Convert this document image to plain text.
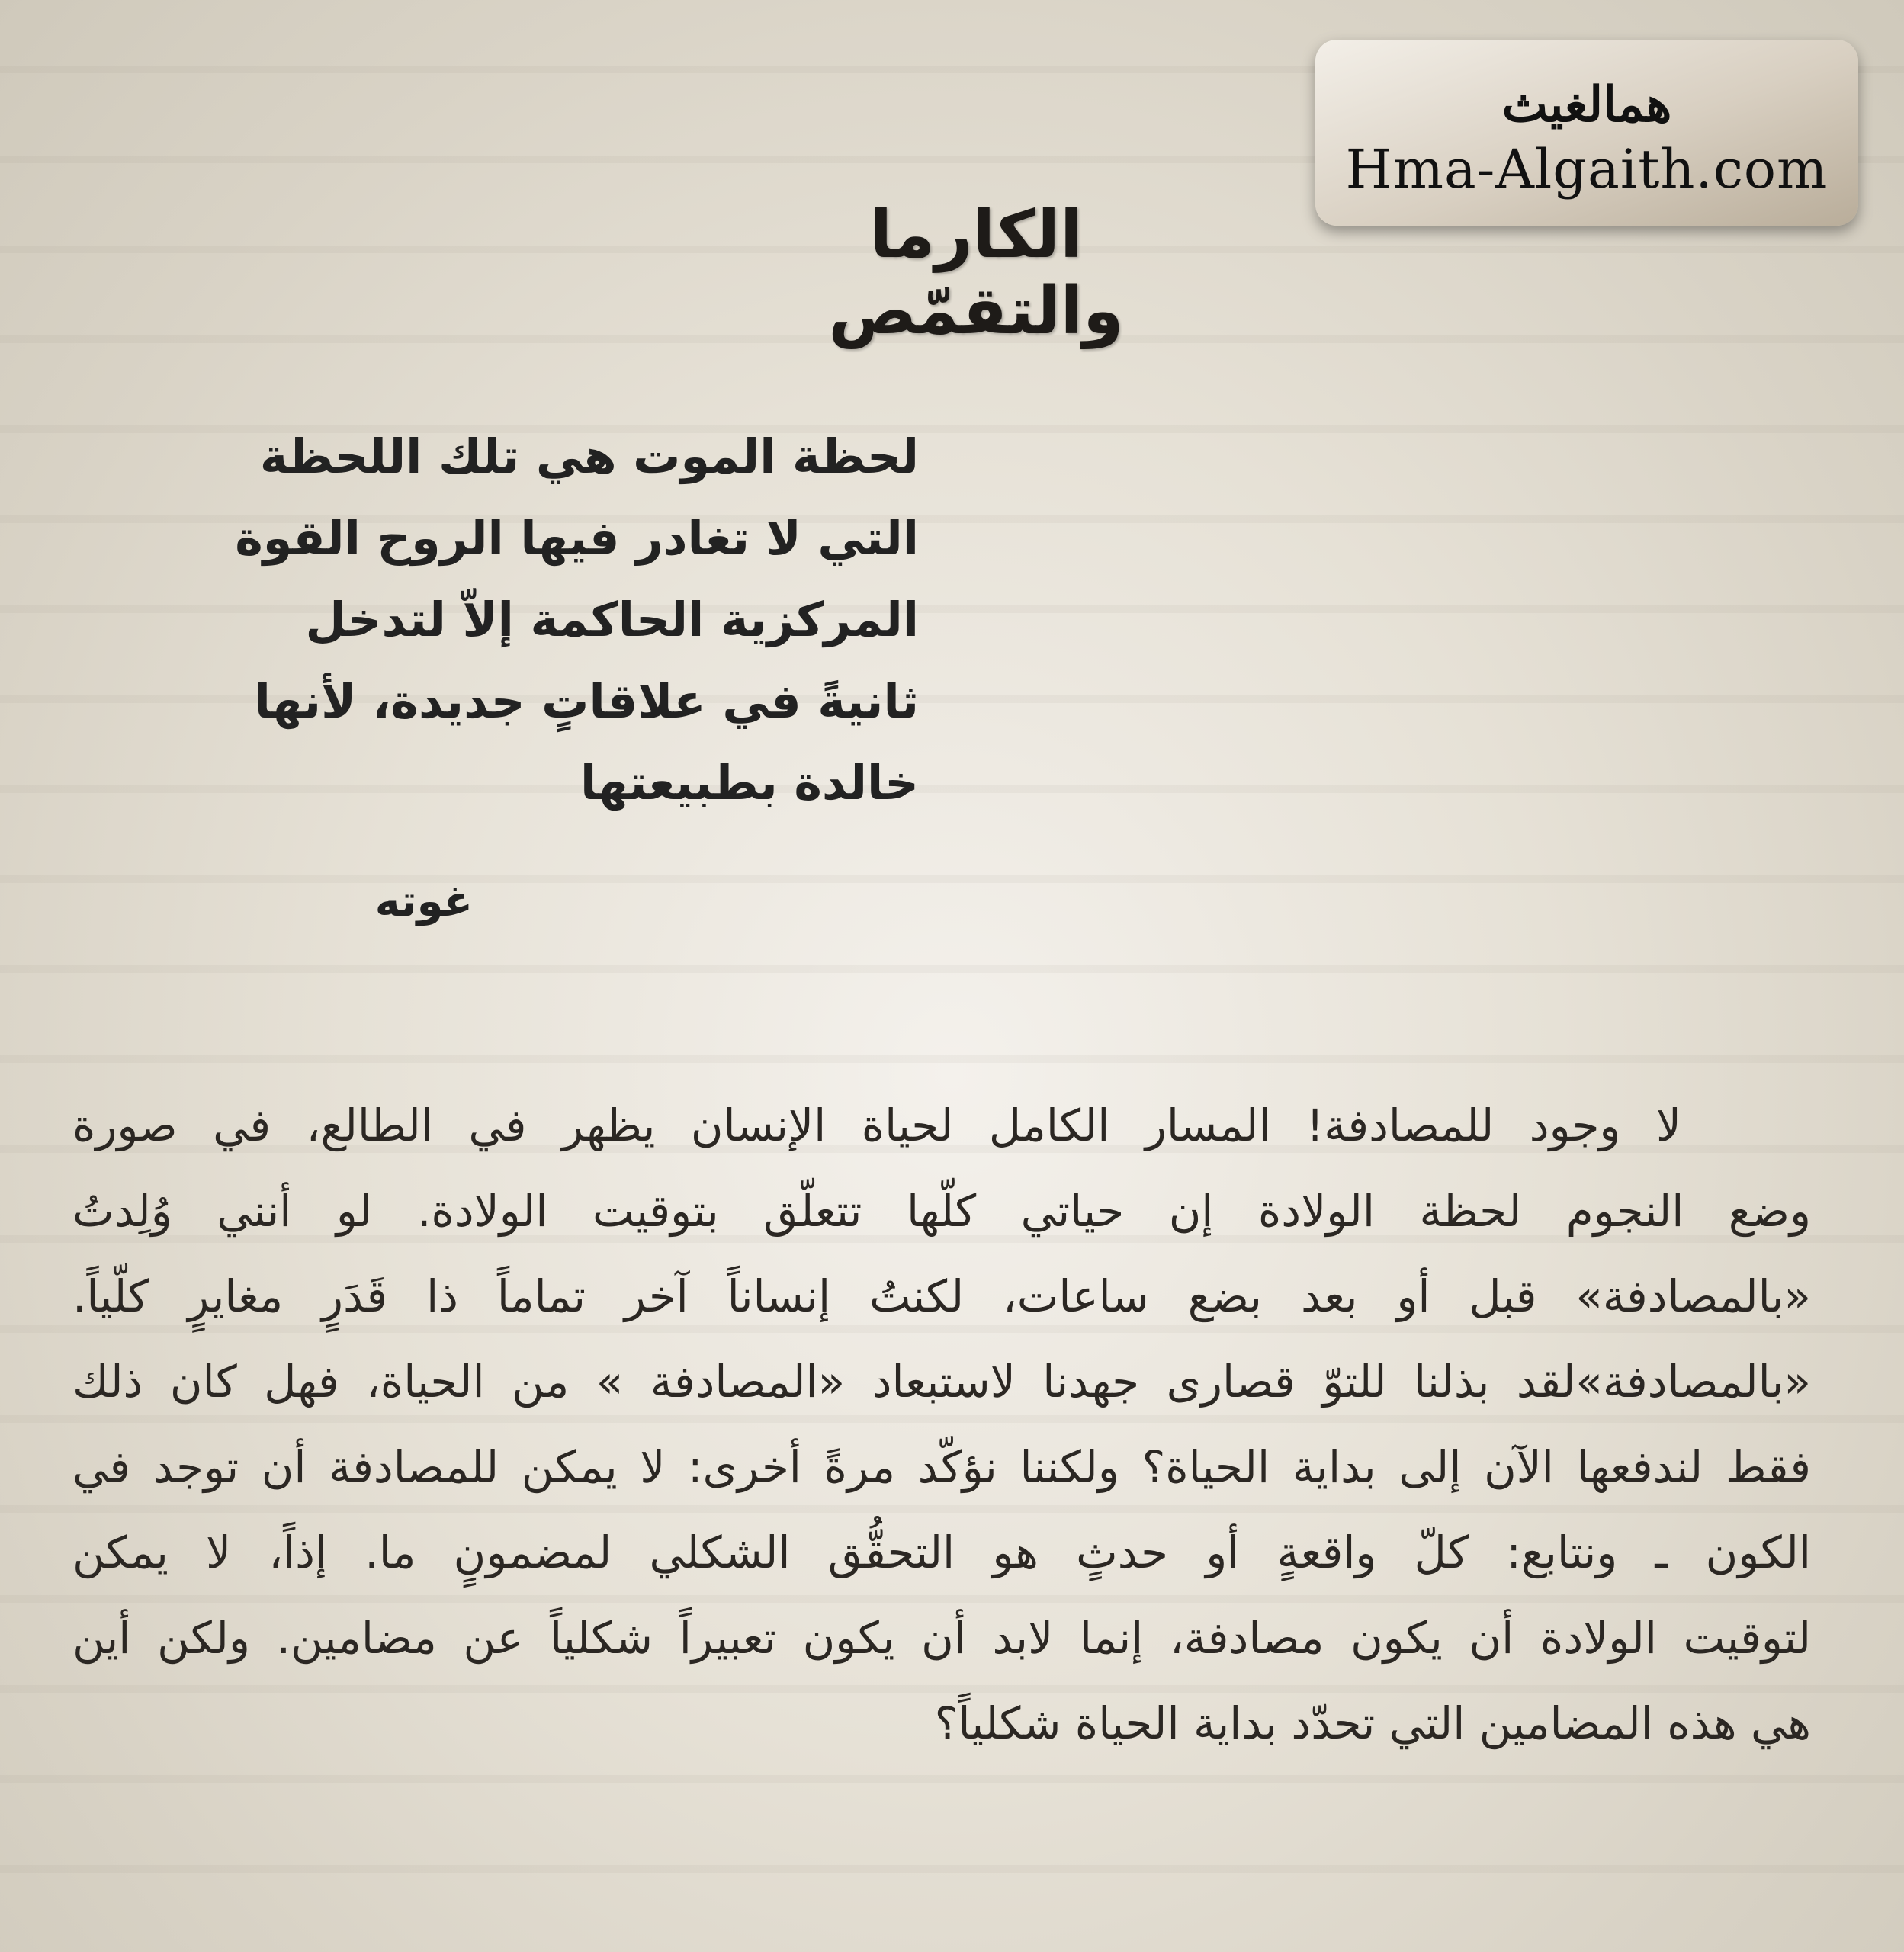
همالغيث
Hma-Algaith.com
الكارما والتقمّص
لحظة الموت هي تلك اللحظة
التي لا تغادر فيها الروح القوة
المركزية الحاكمة إلاّ لتدخل
ثانيةً في علاقاتٍ جديدة، لأنها
خالدة بطبيعتها
غوته
لا وجود للمصادفة! المسار الكامل لحياة الإنسان يظهر في الطالع، في صورة
وضع النجوم لحظة الولادة إن حياتي كلّها تتعلّق بتوقيت الولادة. لو أنني وُلِدتُ
«بالمصادفة» قبل أو بعد بضع ساعات، لكنتُ إنساناً آخر تماماً ذا قَدَرٍ مغايرٍ كلّياً.
«بالمصادفة»لقد بذلنا للتوّ قصارى جهدنا لاستبعاد «المصادفة » من الحياة، فهل كان ذلك
فقط لندفعها الآن إلى بداية الحياة؟ ولكننا نؤكّد مرةً أخرى: لا يمكن للمصادفة أن توجد في
الكون ـ ونتابع: كلّ واقعةٍ أو حدثٍ هو التحقُّق الشكلي لمضمونٍ ما. إذاً، لا يمكن
لتوقيت الولادة أن يكون مصادفة، إنما لابد أن يكون تعبيراً شكلياً عن مضامين. ولكن أين
هي هذه المضامين التي تحدّد بداية الحياة شكلياً؟
